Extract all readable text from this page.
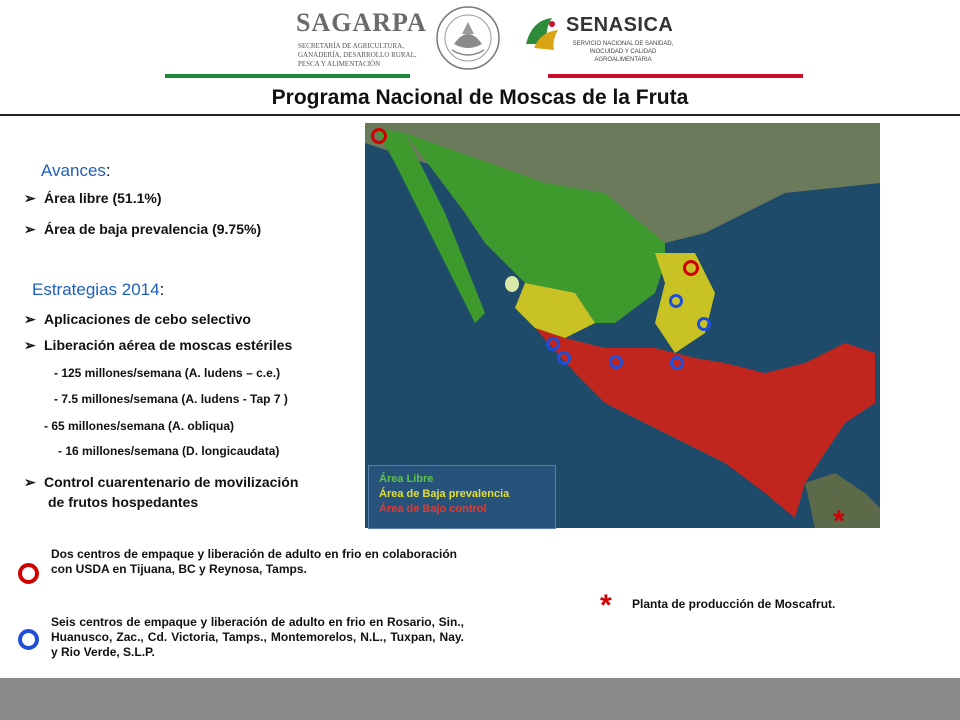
SAGARPA
SECRETARÍA DE AGRICULTURA, GANADERÍA, DESARROLLO RURAL, PESCA Y ALIMENTACIÓN
SENASICA
SERVICIO NACIONAL DE SANIDAD, INOCUIDAD Y CALIDAD AGROALIMENTARIA
Programa Nacional de Moscas de la Fruta
Avances:
➢ Área libre (51.1%)
➢ Área de baja prevalencia (9.75%)
Estrategias 2014:
➢ Aplicaciones de cebo selectivo
➢ Liberación aérea de moscas estériles
- 125 millones/semana (A. ludens – c.e.)
- 7.5 millones/semana (A. ludens - Tap 7 )
- 65 millones/semana (A. obliqua)
- 16 millones/semana (D. longicaudata)
➢ Control cuarentenario de movilización
de frutos hospedantes
Área Libre
Área de Baja prevalencia
Área de Bajo control	*
Dos centros de empaque y liberación de adulto en frio en colaboración con USDA en Tijuana, BC y Reynosa, Tamps.
Seis centros de empaque y liberación de adulto en frio en Rosario, Sin., Huanusco, Zac., Cd. Victoria, Tamps., Montemorelos, N.L., Tuxpan, Nay. y Rio Verde, S.L.P.
* Planta de producción de Moscafrut.
